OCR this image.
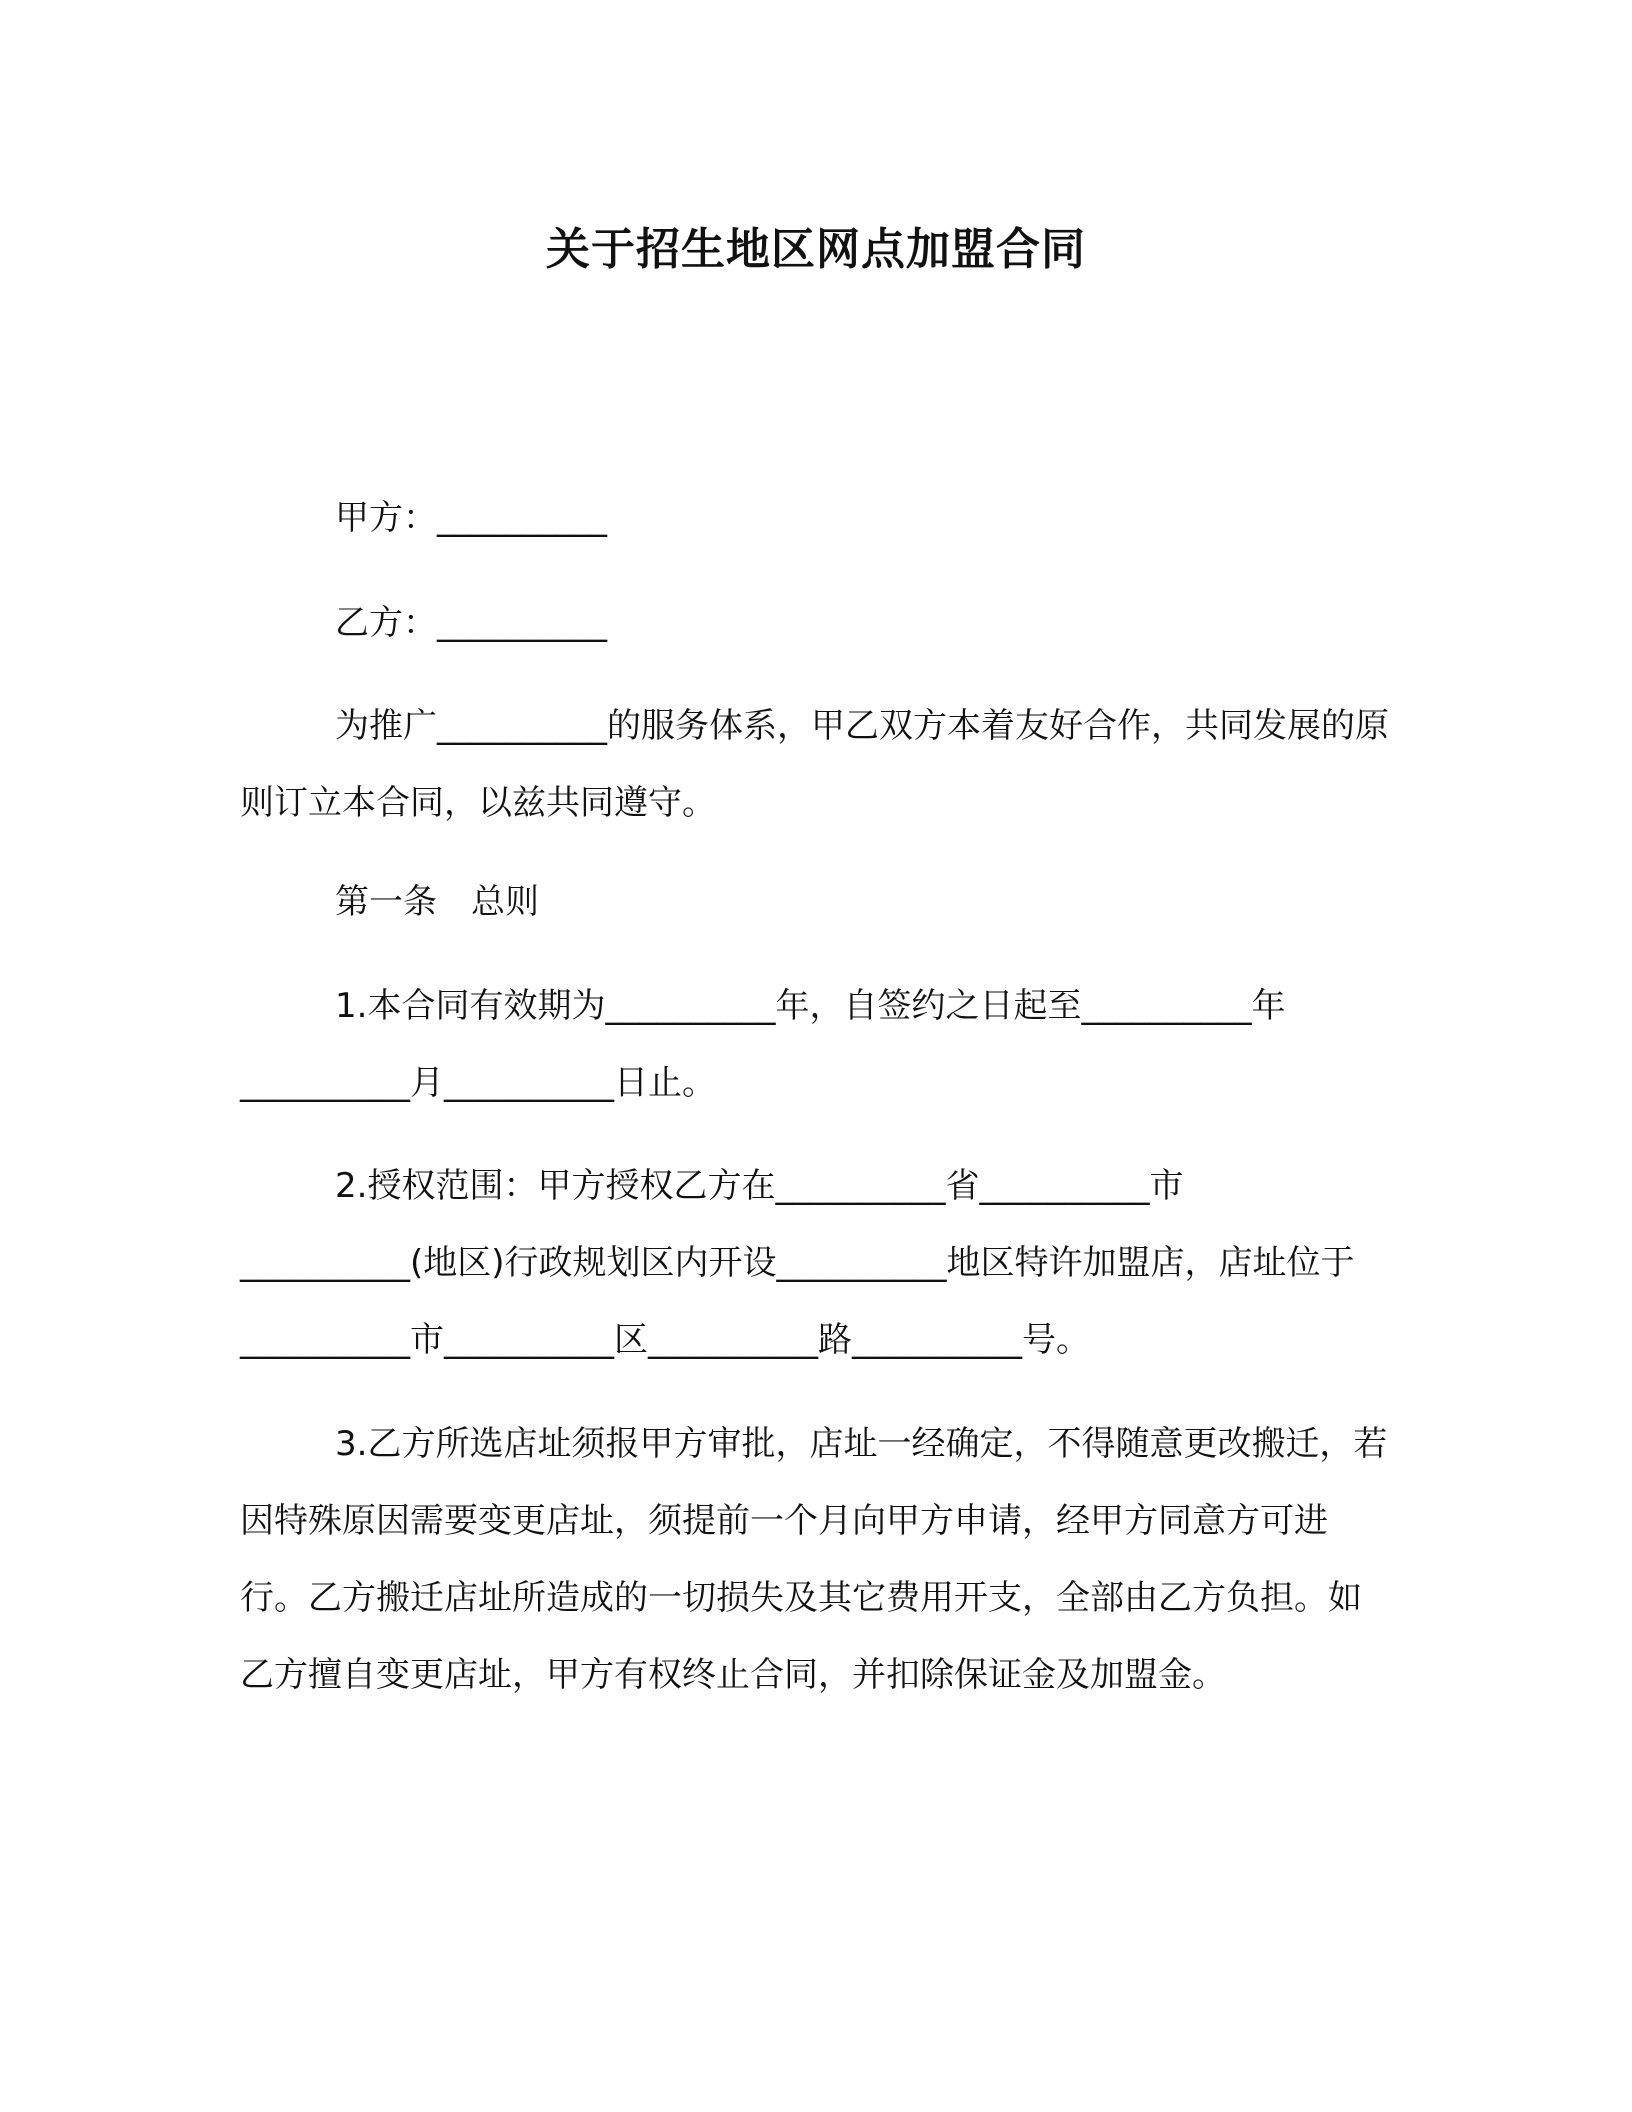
关于招生地区网点加盟合同

甲方：__________

乙方：__________

为推广__________的服务体系，甲乙双方本着友好合作，共同发展的原则订立本合同，以兹共同遵守。

第一条　总则

1.本合同有效期为__________年，自签约之日起至__________年__________月__________日止。

2.授权范围：甲方授权乙方在__________省__________市__________(地区)行政规划区内开设__________地区特许加盟店，店址位于__________市__________区__________路__________号。

3.乙方所选店址须报甲方审批，店址一经确定，不得随意更改搬迁，若因特殊原因需要变更店址，须提前一个月向甲方申请，经甲方同意方可进行。乙方搬迁店址所造成的一切损失及其它费用开支，全部由乙方负担。如乙方擅自变更店址，甲方有权终止合同，并扣除保证金及加盟金。
